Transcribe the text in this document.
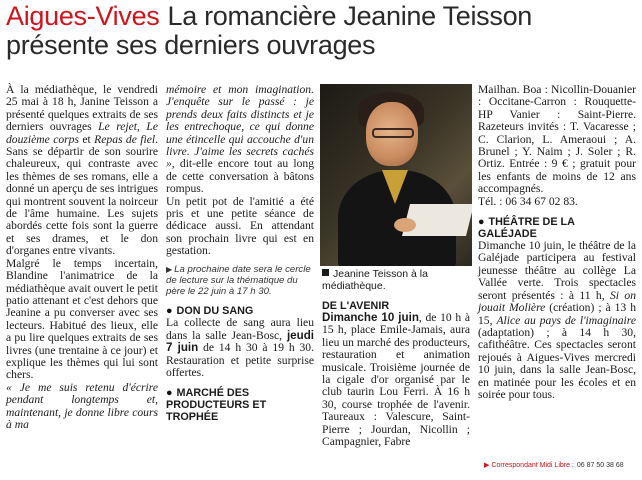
Aigues-Vives La romancière Jeanine Teisson présente ses derniers ouvrages

À la médiathèque, le vendredi 25 mai à 18 h, Janine Teisson a présenté quelques extraits de ses derniers ouvrages Le rejet, Le douzième corps et Repas de fiel. Sans se départir de son sourire chaleureux, qui contraste avec les thèmes de ses romans, elle a donné un aperçu de ses intrigues qui montrent souvent la noirceur de l'âme humaine. Les sujets abordés cette fois sont la guerre et ses drames, et le don d'organes entre vivants.

Malgré le temps incertain, Blandine l'animatrice de la médiathèque avait ouvert le petit patio attenant et c'est dehors que Jeanine a pu converser avec ses lecteurs. Habitué des lieux, elle a pu lire quelques extraits de ses livres (une trentaine à ce jour) et explique les thèmes qui lui sont chers.

« Je me suis retenu d'écrire pendant longtemps et, maintenant, je donne libre cours à ma

mémoire et mon imagination. J'enquête sur le passé : je prends deux faits distincts et je les entrechoque, ce qui donne une étincelle qui accouche d'un livre. J'aime les secrets cachés », dit-elle encore tout au long de cette conversation à bâtons rompus.

Un petit pot de l'amitié a été pris et une petite séance de dédicace aussi. En attendant son prochain livre qui est en gestation.

▶ La prochaine date sera le cercle de lecture sur la thématique du père le 22 juin à 17 h 30.
● DON DU SANG

La collecte de sang aura lieu dans la salle Jean-Bosc, jeudi 7 juin de 14 h 30 à 19 h 30. Restauration et petite surprise offertes.

● MARCHÉ DES PRODUCTEURS ET TROPHÉE
Jeanine Teisson à la médiathèque.
DE L'AVENIR

Dimanche 10 juin, de 10 h à 15 h, place Emile-Jamais, aura lieu un marché des producteurs, restauration et animation musicale. Troisième journée de la cigale d'or organisé par le club taurin Lou Ferri. À 16 h 30, course trophée de l'avenir. Taureaux : Valescure, Saint-Pierre ; Jourdan, Nicollin ; Campagnier, Fabre

Mailhan. Boa : Nicollin-Douanier : Occitane-Carron : Rouquette-HP Vanier : Saint-Pierre. Razeteurs invités : T. Vacaresse ; C. Clarion, L. Ameraoui ; A. Brunel ; Y. Naim ; J. Soler ; R. Ortiz. Entrée : 9 € ; gratuit pour les enfants de moins de 12 ans accompagnés.

Tél. : 06 34 67 02 83.

● THÉÂTRE DE LA GALÉJADE

Dimanche 10 juin, le théâtre de la Galéjade participera au festival jeunesse théâtre au collège La Vallée verte. Trois spectacles seront présentés : à 11 h, Si on jouait Molière (création) ; à 13 h 15, Alice au pays de l'imaginaire (adaptation) ; à 14 h 30, cafithéâtre. Ces spectacles seront rejoués à Aigues-Vives mercredi 10 juin, dans la salle Jean-Bosc, en matinée pour les écoles et en soirée pour tous.

▶ Correspondant Midi Libre : 06 87 50 38 68
